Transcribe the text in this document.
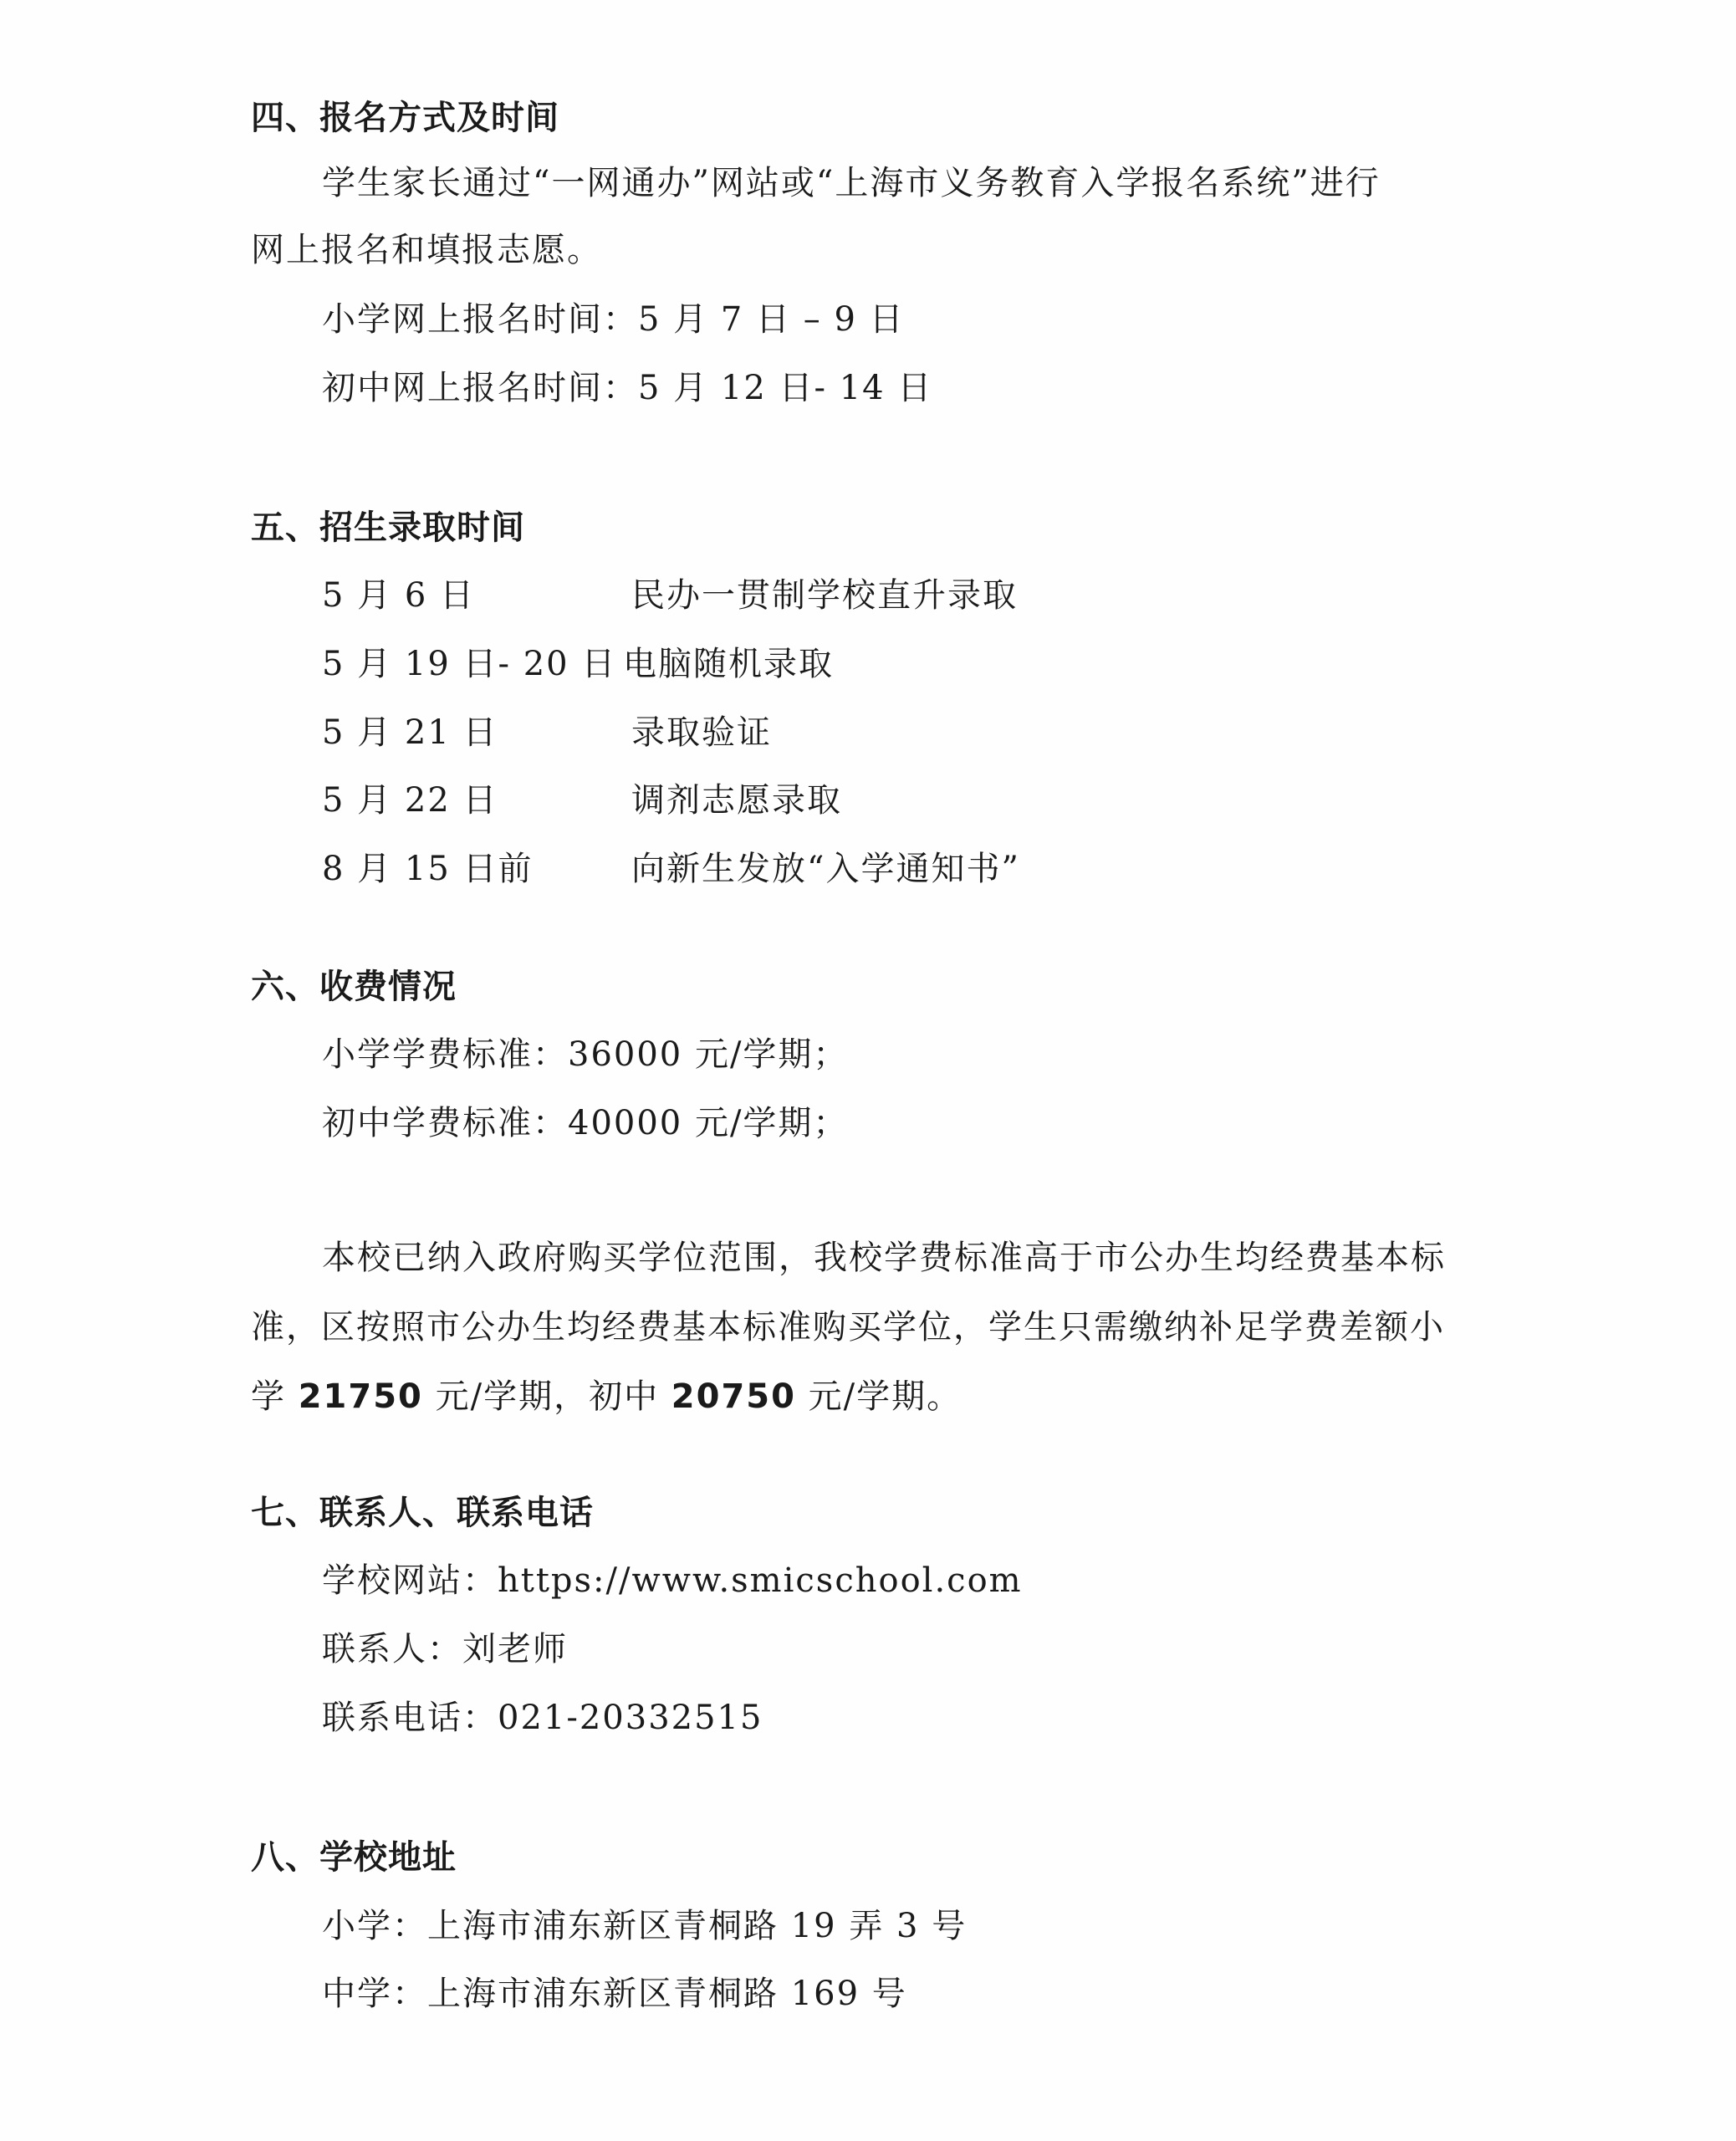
四、报名方式及时间
学生家长通过“一网通办”网站或“上海市义务教育入学报名系统”进行
网上报名和填报志愿。
小学网上报名时间：5 月 7 日 – 9 日
初中网上报名时间：5 月 12 日- 14 日
五、招生录取时间
5 月 6 日	民办一贯制学校直升录取
5 月 19 日- 20 日 电脑随机录取
5 月 21 日	录取验证
5 月 22 日	调剂志愿录取
8 月 15 日前	向新生发放“入学通知书”
六、收费情况
小学学费标准：36000 元/学期；
初中学费标准：40000 元/学期；
本校已纳入政府购买学位范围，我校学费标准高于市公办生均经费基本标
准，区按照市公办生均经费基本标准购买学位，学生只需缴纳补足学费差额小
学 21750 元/学期，初中 20750 元/学期。
七、联系人、联系电话
学校网站：https://www.smicschool.com
联系人：刘老师
联系电话：021-20332515
八、学校地址
小学：上海市浦东新区青桐路 19 弄 3 号
中学：上海市浦东新区青桐路 169 号
